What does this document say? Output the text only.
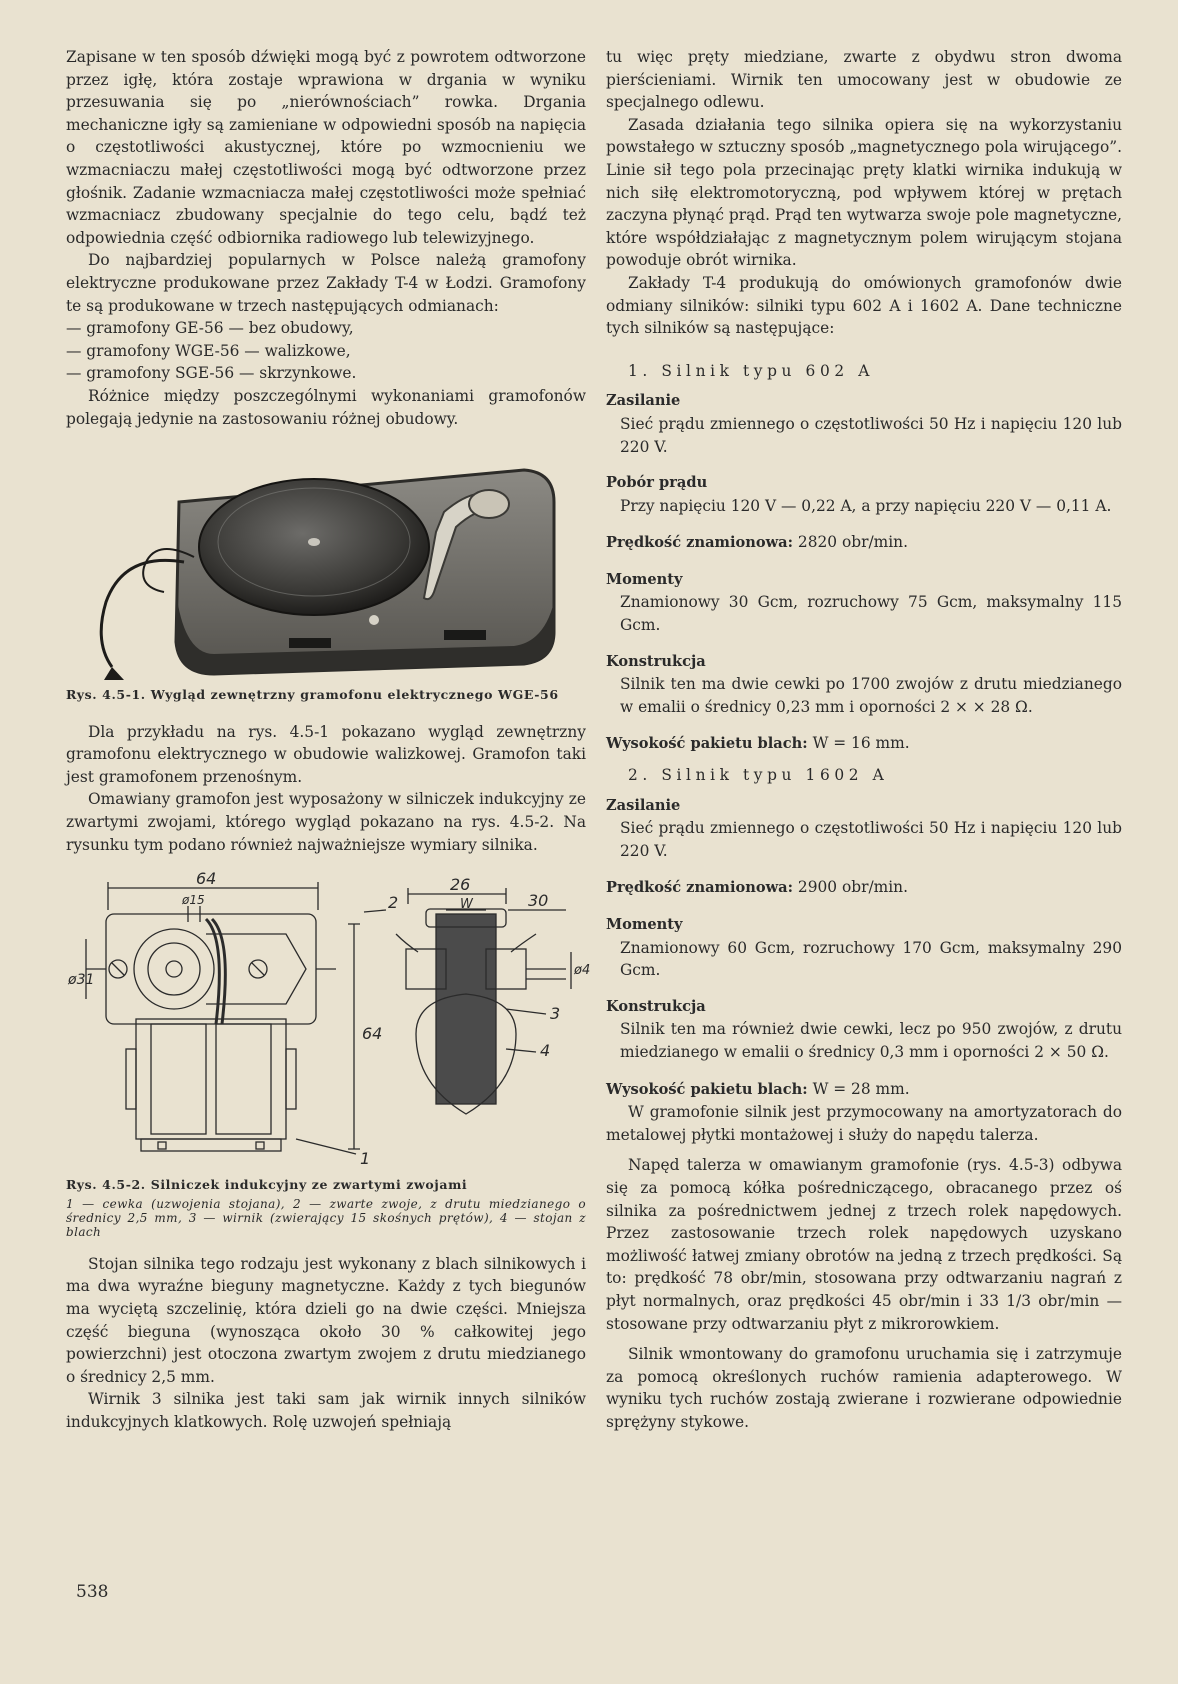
Zapisane w ten sposób dźwięki mogą być z powrotem odtworzone przez igłę, która zostaje wprawiona w drgania w wyniku przesuwania się po „nierównościach” rowka. Drgania mechaniczne igły są zamieniane w odpowiedni sposób na napięcia o częstotliwości akustycznej, które po wzmocnieniu we wzmacniaczu małej częstotliwości mogą być odtworzone przez głośnik. Zadanie wzmacniacza małej częstotliwości może spełniać wzmacniacz zbudowany specjalnie do tego celu, bądź też odpowiednia część odbiornika radiowego lub telewizyjnego.

Do najbardziej popularnych w Polsce należą gramofony elektryczne produkowane przez Zakłady T-4 w Łodzi. Gramofony te są produkowane w trzech następujących odmianach:

— gramofony GE-56 — bez obudowy,

— gramofony WGE-56 — walizkowe,

— gramofony SGE-56 — skrzynkowe.

Różnice między poszczególnymi wykonaniami gramofonów polegają jedynie na zastosowaniu różnej obudowy.

Rys. 4.5-1. Wygląd zewnętrzny gramofonu elektrycznego WGE-56

Dla przykładu na rys. 4.5-1 pokazano wygląd zewnętrzny gramofonu elektrycznego w obudowie walizkowej. Gramofon taki jest gramofonem przenośnym.

Omawiany gramofon jest wyposażony w silniczek indukcyjny ze zwartymi zwojami, którego wygląd pokazano na rys. 4.5-2. Na rysunku tym podano również najważniejsze wymiary silnika.

64
ø15
ø31
64
26
W	30
ø4
1
2
3
4

Rys. 4.5-2. Silniczek indukcyjny ze zwartymi zwojami

1 — cewka (uzwojenia stojana), 2 — zwarte zwoje, z drutu miedzianego o średnicy 2,5 mm, 3 — wirnik (zwierający 15 skośnych prętów), 4 — stojan z blach

Stojan silnika tego rodzaju jest wykonany z blach silnikowych i ma dwa wyraźne bieguny magnetyczne. Każdy z tych biegunów ma wyciętą szczelinię, która dzieli go na dwie części. Mniejsza część bieguna (wynosząca około 30 % całkowitej jego powierzchni) jest otoczona zwartym zwojem z drutu miedzianego o średnicy 2,5 mm.

Wirnik 3 silnika jest taki sam jak wirnik innych silników indukcyjnych klatkowych. Rolę uzwojeń spełniają

tu więc pręty miedziane, zwarte z obydwu stron dwoma pierścieniami. Wirnik ten umocowany jest w obudowie ze specjalnego odlewu.

Zasada działania tego silnika opiera się na wykorzystaniu powstałego w sztuczny sposób „magnetycznego pola wirującego”. Linie sił tego pola przecinając pręty klatki wirnika indukują w nich siłę elektromotoryczną, pod wpływem której w prętach zaczyna płynąć prąd. Prąd ten wytwarza swoje pole magnetyczne, które współdziałając z magnetycznym polem wirującym stojana powoduje obrót wirnika.

Zakłady T-4 produkują do omówionych gramofonów dwie odmiany silników: silniki typu 602 A i 1602 A. Dane techniczne tych silników są następujące:

1. Silnik typu 602 A

Zasilanie

Sieć prądu zmiennego o częstotliwości 50 Hz i napięciu 120 lub 220 V.

Pobór prądu

Przy napięciu 120 V — 0,22 A, a przy napięciu 220 V — 0,11 A.

Prędkość znamionowa: 2820 obr/min.

Momenty

Znamionowy 30 Gcm, rozruchowy 75 Gcm, maksymalny 115 Gcm.

Konstrukcja

Silnik ten ma dwie cewki po 1700 zwojów z drutu miedzianego w emalii o średnicy 0,23 mm i oporności 2 × × 28 Ω.

Wysokość pakietu blach: W = 16 mm.

2. Silnik typu 1602 A

Zasilanie

Sieć prądu zmiennego o częstotliwości 50 Hz i napięciu 120 lub 220 V.

Prędkość znamionowa: 2900 obr/min.

Momenty

Znamionowy 60 Gcm, rozruchowy 170 Gcm, maksymalny 290 Gcm.

Konstrukcja

Silnik ten ma również dwie cewki, lecz po 950 zwojów, z drutu miedzianego w emalii o średnicy 0,3 mm i oporności 2 × 50 Ω.

Wysokość pakietu blach: W = 28 mm.

W gramofonie silnik jest przymocowany na amortyzatorach do metalowej płytki montażowej i służy do napędu talerza.

Napęd talerza w omawianym gramofonie (rys. 4.5-3) odbywa się za pomocą kółka pośredniczącego, obracanego przez oś silnika za pośrednictwem jednej z trzech rolek napędowych. Przez zastosowanie trzech rolek napędowych uzyskano możliwość łatwej zmiany obrotów na jedną z trzech prędkości. Są to: prędkość 78 obr/min, stosowana przy odtwarzaniu nagrań z płyt normalnych, oraz prędkości 45 obr/min i 33 1/3 obr/min — stosowane przy odtwarzaniu płyt z mikrorowkiem.

Silnik wmontowany do gramofonu uruchamia się i zatrzymuje za pomocą określonych ruchów ramienia adapterowego. W wyniku tych ruchów zostają zwierane i rozwierane odpowiednie sprężyny stykowe.

538
